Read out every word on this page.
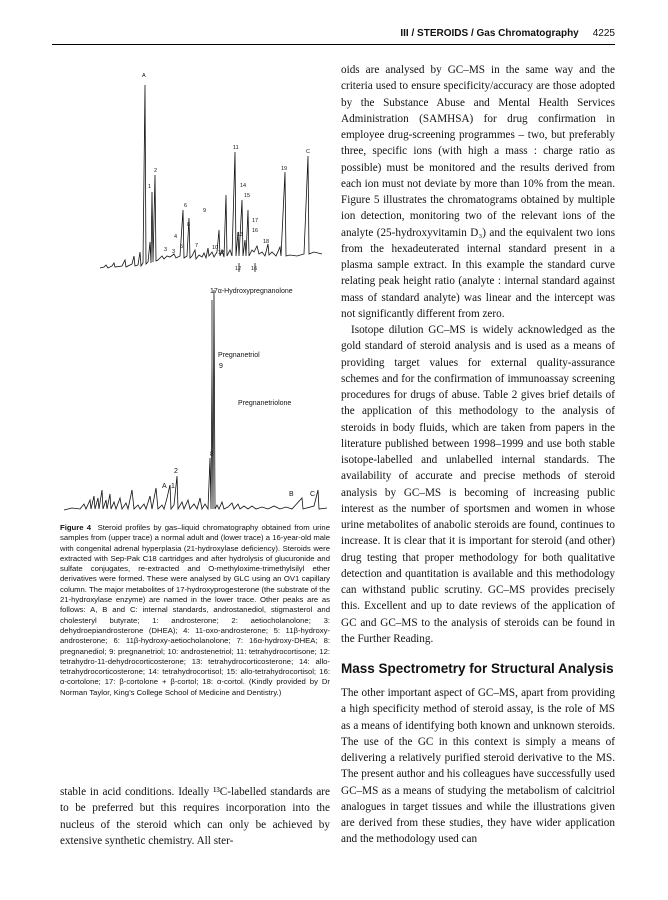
III / STEROIDS / Gas Chromatography 4225
A
1
2
3
4
5
6
7
8
9
10
11
C
12
13
14
15
16
17
18
19
3
12 16
17α-Hydroxypregnanolone
Pregnanetriol
9
Pregnanetriolone
8
2
A 1
B C
Figure 4 Steroid profiles by gas–liquid chromatography obtained from urine samples from (upper trace) a normal adult and (lower trace) a 16-year-old male with congenital adrenal hyperplasia (21-hydroxylase deficiency). Steroids were extracted with Sep-Pak C18 cartridges and after hydrolysis of glucuronide and sulfate conjugates, re-extracted and O-methyloxime-trimethylsilyl ether derivatives were formed. These were analysed by GLC using an OV1 capillary column. The major metabolites of 17-hydroxyprogesterone (the substrate of the 21-hydroxylase enzyme) are named in the lower trace. Other peaks are as follows: A, B and C: internal standards, androstanediol, stigmasterol and cholesteryl butyrate; 1: androsterone; 2: aetiocholanolone; 3: dehydroepiandrosterone (DHEA); 4: 11-oxo-androsterone; 5: 11β-hydroxy-androsterone; 6: 11β-hydroxy-aetiocholanolone; 7: 16α-hydroxy-DHEA; 8: pregnanediol; 9: pregnanetriol; 10: androstenetriol; 11: tetrahydrocortisone; 12: tetrahydro-11-dehydrocorticosterone; 13: tetrahydrocorticosterone; 14: allo-tetrahydrocorticosterone; 14: tetrahydrocortisol; 15: allo-tetrahydrocortisol; 16: α-cortolone; 17: β-cortolone + β-cortol; 18: α-cortol. (Kindly provided by Dr Norman Taylor, King’s College School of Medicine and Dentistry.)
stable in acid conditions. Ideally ¹³C-labelled standards are to be preferred but this requires incorporation into the nucleus of the steroid which can only be achieved by extensive synthetic chemistry. All ster-

oids are analysed by GC–MS in the same way and the criteria used to ensure specificity/accuracy are those adopted by the Substance Abuse and Mental Health Services Administration (SAMHSA) for drug confirmation in employee drug-screening programmes – two, but preferably three, specific ions (with high a mass : charge ratio as possible) must be monitored and the results derived from each ion must not deviate by more than 10% from the mean. Figure 5 illustrates the chromatograms obtained by multiple ion detection, monitoring two of the relevant ions of the analyte (25-hydroxyvitamin D₃) and the equivalent two ions from the hexadeuterated internal standard present in a plasma sample extract. In this example the standard curve relating peak height ratio (analyte : internal standard against mass of standard analyte) was linear and the intercept was not significantly different from zero.

Isotope dilution GC–MS is widely acknowledged as the gold standard of steroid analysis and is used as a means of providing target values for external quality-assurance schemes and for the confirmation of immunoassay screening procedures for drugs of abuse. Table 2 gives brief details of the application of this methodology to the analysis of steroids in body fluids, which are taken from papers in the literature published between 1998–1999 and use both stable isotope-labelled and unlabelled internal standards. The availability of accurate and precise methods of steroid analysis by GC–MS is becoming of increasing public interest as the number of sportsmen and women in whose urine metabolites of anabolic steroids are found, continues to increase. It is clear that it is important for steroid (and other) drug testing that proper methodology for both qualitative detection and quantitation is available and this methodology can withstand public scrutiny. GC–MS provides precisely this. Excellent and up to date reviews of the application of GC and GC–MS to the analysis of steroids can be found in the Further Reading.

Mass Spectrometry for Structural Analysis

The other important aspect of GC–MS, apart from providing a high specificity method of steroid assay, is the role of MS as a means of identifying both known and unknown steroids. The use of the GC in this context is simply a means of delivering a relatively purified steroid derivative to the MS. The present author and his colleagues have successfully used GC–MS as a means of studying the metabolism of calcitriol analogues in target tissues and while the illustrations given are derived from these studies, they have wider application and the methodology used can
